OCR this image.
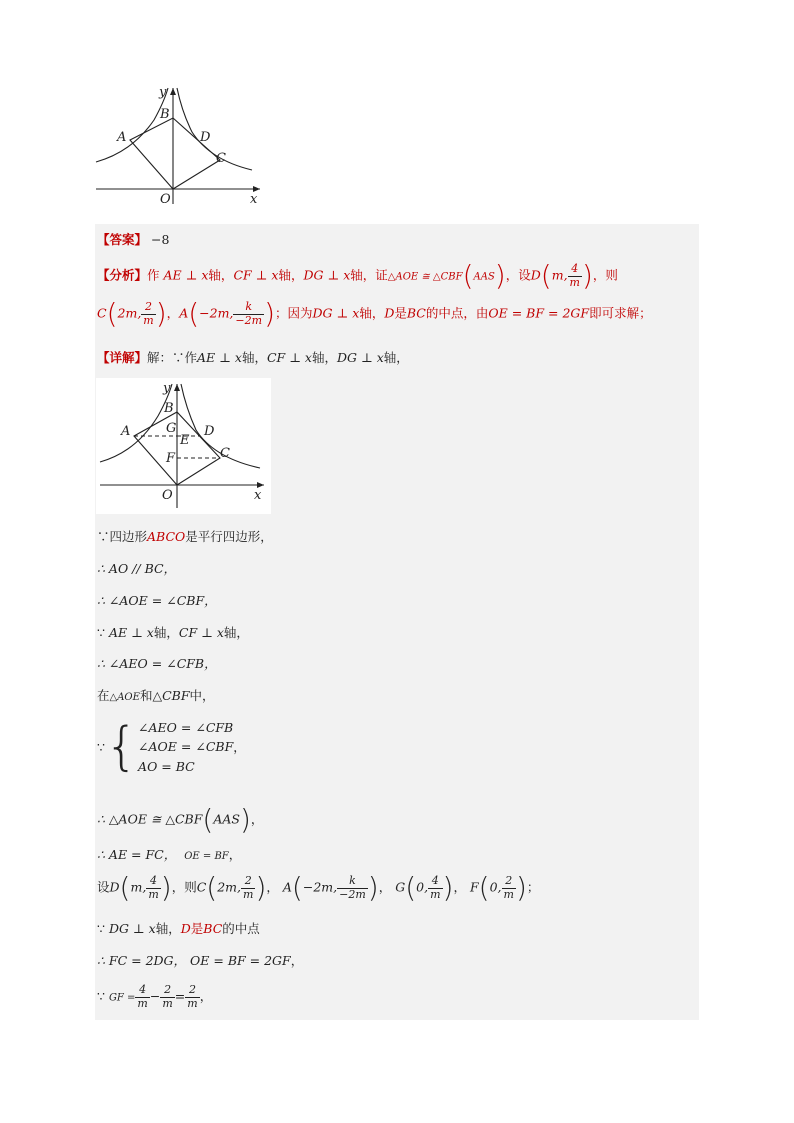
y
x
O
A
B
C
D
【答案】 −8
【分析】作 AE ⊥ x轴，CF ⊥ x轴，DG ⊥ x轴，证△AOE ≅ △CBF(AAS)，设D(m, $\frac{4}{m}$ )，则
C(2m, $\frac{2}{m}$ )，A(−2m, $\frac{k}{-2m}$ )；因为DG ⊥ x轴，D是BC的中点，由OE = BF = 2GF即可求解；
【详解】解：∵作AE ⊥ x轴，CF ⊥ x轴，DG ⊥ x轴，
y
x
O
A
B
C
D
E
F
G
∵四边形ABCO是平行四边形，
∴ AO // BC，
∴ ∠AOE = ∠CBF，
∵ AE ⊥ x轴，CF ⊥ x轴，
∴ ∠AEO = ∠CFB，
在△AOE和△CBF中，
∵{ ∠AEO = ∠CFB
∠AOE = ∠CBF
AO = BC
，
∴ △AOE ≅ △CBF(AAS)，
∴ AE = FC， OE = BF，
设D(m, $\frac{4}{m}$ )，则C(2m, $\frac{2}{m}$ )， A(−2m, $\frac{k}{-2m}$ )， G(0, $\frac{4}{m}$ )， F(0, $\frac{2}{m}$ )；
∵ DG ⊥ x轴，D是BC的中点
∴ FC = 2DG， OE = BF = 2GF，
∵ GF = $\frac{4}{m} - \frac{2}{m} = \frac{2}{m}$ ，
